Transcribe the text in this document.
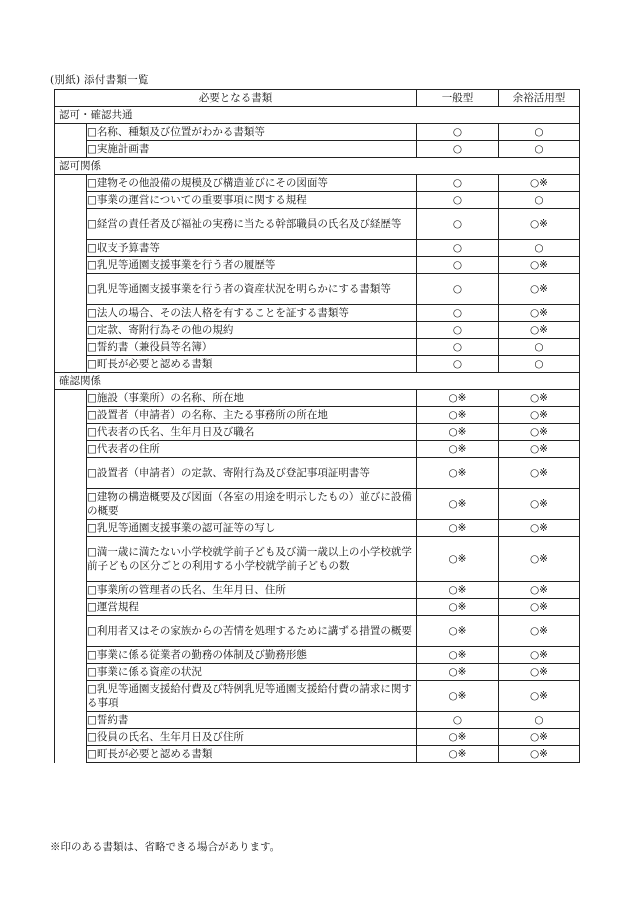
(別紙) 添付書類一覧
必要となる書類		一般型	余裕活用型
認可・確認共通			
	□名称、種類及び位置がわかる書類等	○	○
	□実施計画書	○	○
認可関係			
	□建物その他設備の規模及び構造並びにその図面等	○	○※
	□事業の運営についての重要事項に関する規程	○	○
	□経営の責任者及び福祉の実務に当たる幹部職員の氏名及び経歴等	○	○※
	□収支予算書等	○	○
	□乳児等通園支援事業を行う者の履歴等	○	○※
	□乳児等通園支援事業を行う者の資産状況を明らかにする書類等	○	○※
	□法人の場合、その法人格を有することを証する書類等	○	○※
	□定款、寄附行為その他の規約	○	○※
	□誓約書（兼役員等名簿）	○	○
	□町長が必要と認める書類	○	○
確認関係			
	□施設（事業所）の名称、所在地	○※	○※
	□設置者（申請者）の名称、主たる事務所の所在地	○※	○※
	□代表者の氏名、生年月日及び職名	○※	○※
	□代表者の住所	○※	○※
	□設置者（申請者）の定款、寄附行為及び登記事項証明書等	○※	○※
	□建物の構造概要及び図面（各室の用途を明示したもの）並びに設備の概要	○※	○※
	□乳児等通園支援事業の認可証等の写し	○※	○※
	□満一歳に満たない小学校就学前子ども及び満一歳以上の小学校就学前子どもの区分ごとの利用する小学校就学前子どもの数	○※	○※
	□事業所の管理者の氏名、生年月日、住所	○※	○※
	□運営規程	○※	○※
	□利用者又はその家族からの苦情を処理するために講ずる措置の概要	○※	○※
	□事業に係る従業者の勤務の体制及び勤務形態	○※	○※
	□事業に係る資産の状況	○※	○※
	□乳児等通園支援給付費及び特例乳児等通園支援給付費の請求に関する事項	○※	○※
	□誓約書	○	○
	□役員の氏名、生年月日及び住所	○※	○※
	□町長が必要と認める書類	○※	○※
※印のある書類は、省略できる場合があります。
